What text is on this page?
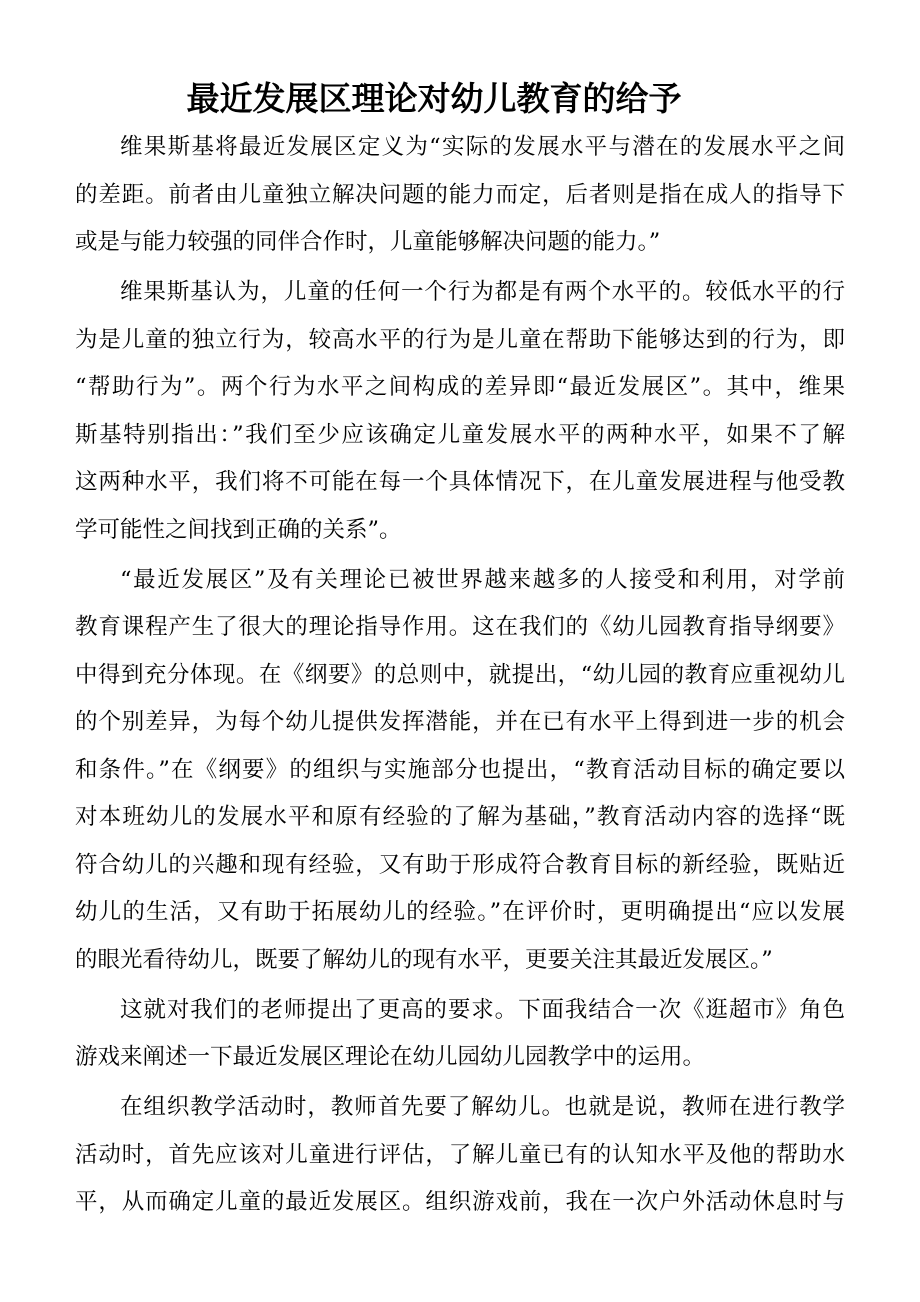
最近发展区理论对幼儿教育的给予

维果斯基将最近发展区定义为“实际的发展水平与潜在的发展水平之间
的差距。前者由儿童独立解决问题的能力而定，后者则是指在成人的指导下
或是与能力较强的同伴合作时，儿童能够解决问题的能力。”

维果斯基认为，儿童的任何一个行为都是有两个水平的。较低水平的行
为是儿童的独立行为，较高水平的行为是儿童在帮助下能够达到的行为，即
“帮助行为”。两个行为水平之间构成的差异即“最近发展区”。其中，维果
斯基特别指出：”我们至少应该确定儿童发展水平的两种水平，如果不了解
这两种水平，我们将不可能在每一个具体情况下，在儿童发展进程与他受教
学可能性之间找到正确的关系”。

“最近发展区”及有关理论已被世界越来越多的人接受和利用，对学前
教育课程产生了很大的理论指导作用。这在我们的《幼儿园教育指导纲要》
中得到充分体现。在《纲要》的总则中，就提出，“幼儿园的教育应重视幼儿
的个别差异，为每个幼儿提供发挥潜能，并在已有水平上得到进一步的机会
和条件。”在《纲要》的组织与实施部分也提出，“教育活动目标的确定要以
对本班幼儿的发展水平和原有经验的了解为基础，”教育活动内容的选择“既
符合幼儿的兴趣和现有经验，又有助于形成符合教育目标的新经验，既贴近
幼儿的生活，又有助于拓展幼儿的经验。”在评价时，更明确提出“应以发展
的眼光看待幼儿，既要了解幼儿的现有水平，更要关注其最近发展区。”

这就对我们的老师提出了更高的要求。下面我结合一次《逛超市》角色
游戏来阐述一下最近发展区理论在幼儿园幼儿园教学中的运用。

在组织教学活动时，教师首先要了解幼儿。也就是说，教师在进行教学
活动时，首先应该对儿童进行评估，了解儿童已有的认知水平及他的帮助水
平，从而确定儿童的最近发展区。组织游戏前，我在一次户外活动休息时与
